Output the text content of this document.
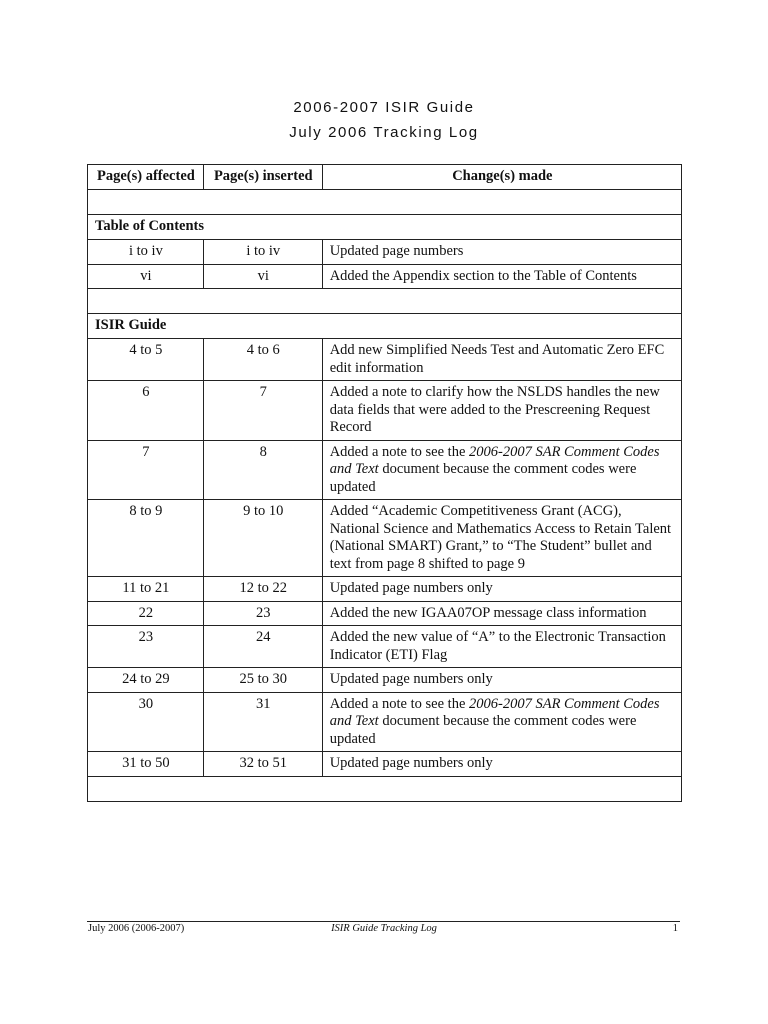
2006-2007 ISIR Guide
July 2006 Tracking Log
Page(s) affected	Page(s) inserted	Change(s) made

Table of Contents		
i to iv	i to iv	Updated page numbers
vi	vi	Added the Appendix section to the Table of Contents

ISIR Guide		
4 to 5	4 to 6	Add new Simplified Needs Test and Automatic Zero EFC edit information
6	7	Added a note to clarify how the NSLDS handles the new data fields that were added to the Prescreening Request Record
7	8	Added a note to see the 2006-2007 SAR Comment Codes and Text document because the comment codes were updated
8 to 9	9 to 10	Added “Academic Competitiveness Grant (ACG), National Science and Mathematics Access to Retain Talent (National SMART) Grant,” to “The Student” bullet and text from page 8 shifted to page 9
11 to 21	12 to 22	Updated page numbers only
22	23	Added the new IGAA07OP message class information
23	24	Added the new value of “A” to the Electronic Transaction Indicator (ETI) Flag
24 to 29	25 to 30	Updated page numbers only
30	31	Added a note to see the 2006-2007 SAR Comment Codes and Text document because the comment codes were updated
31 to 50	32 to 51	Updated page numbers only

July 2006 (2006-2007)	ISIR Guide Tracking Log	1
